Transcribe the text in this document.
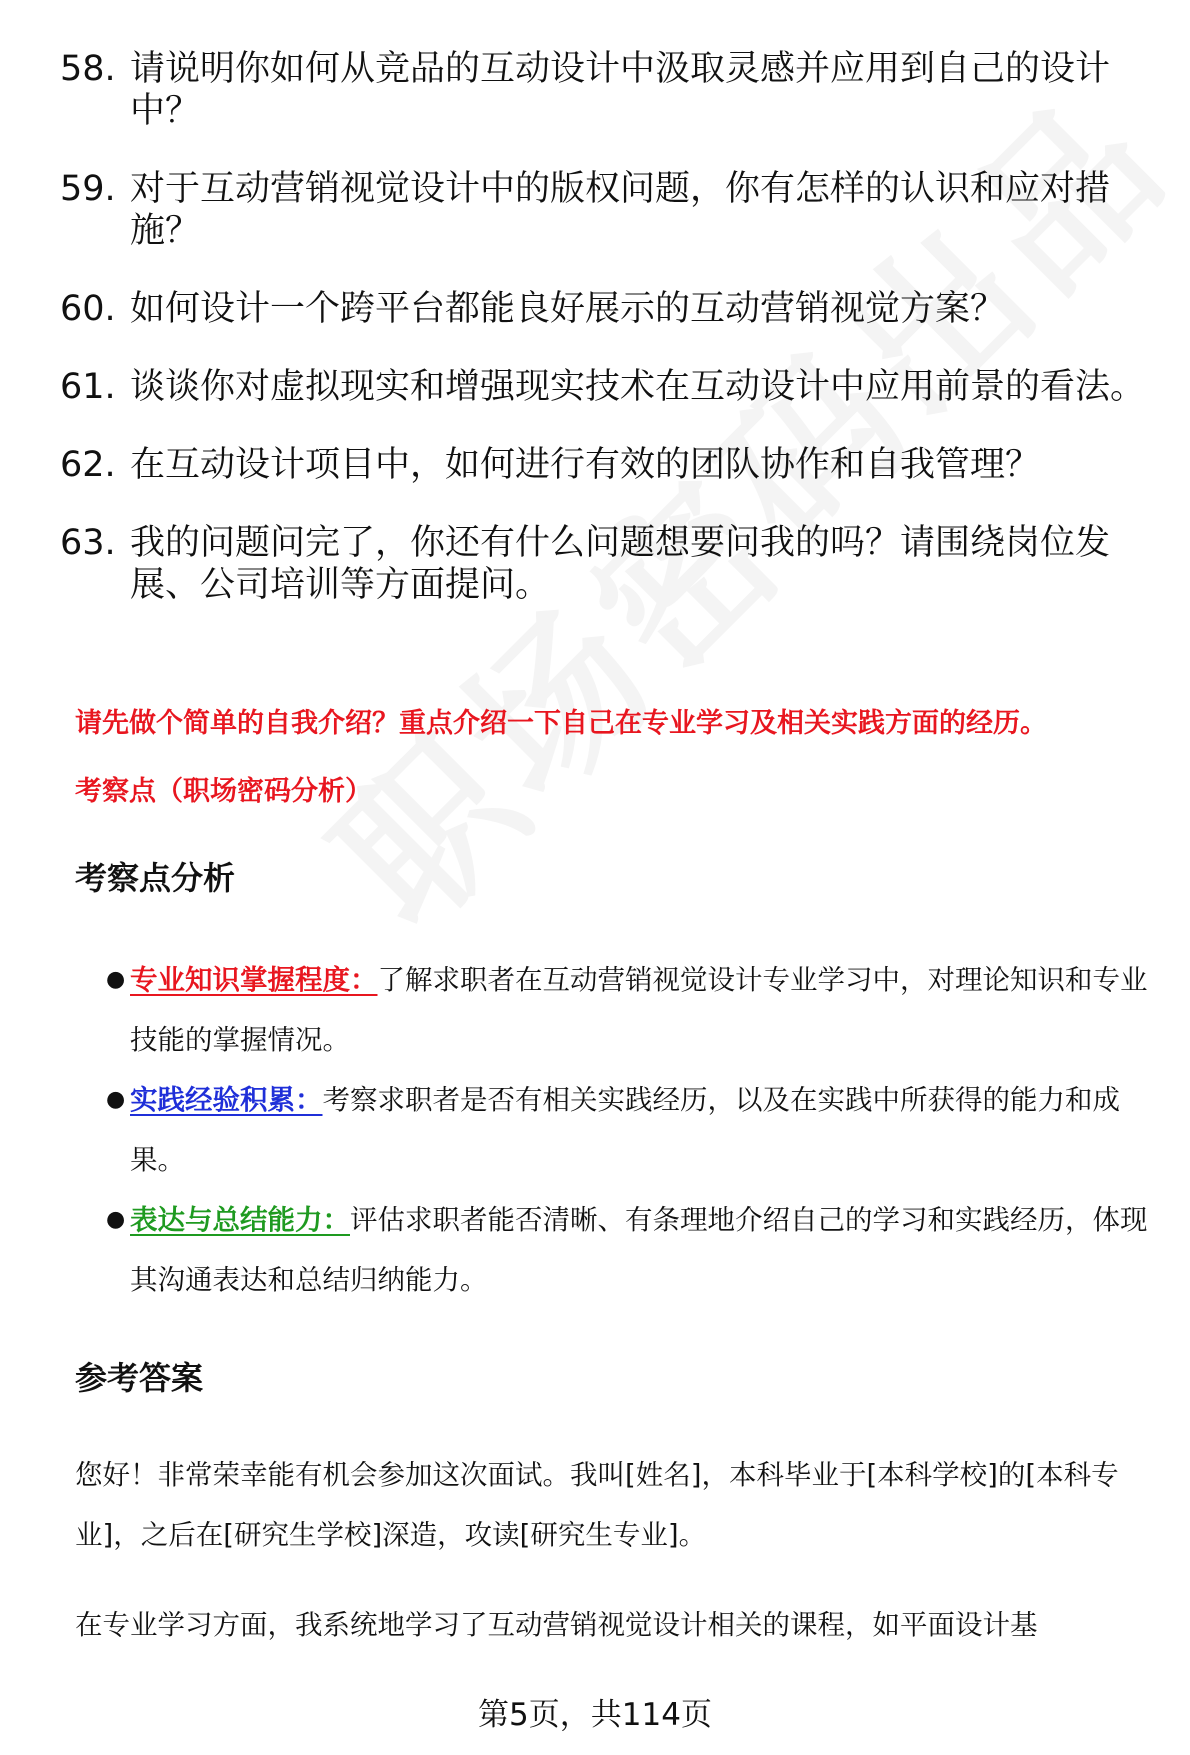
58. 请说明你如何从竞品的互动设计中汲取灵感并应用到自己的设计中？
59. 对于互动营销视觉设计中的版权问题，你有怎样的认识和应对措施？
60. 如何设计一个跨平台都能良好展示的互动营销视觉方案？
61. 谈谈你对虚拟现实和增强现实技术在互动设计中应用前景的看法。
62. 在互动设计项目中，如何进行有效的团队协作和自我管理？
63. 我的问题问完了，你还有什么问题想要问我的吗？请围绕岗位发展、公司培训等方面提问。
请先做个简单的自我介绍？重点介绍一下自己在专业学习及相关实践方面的经历。
考察点（职场密码分析）
考察点分析
● 专业知识掌握程度：了解求职者在互动营销视觉设计专业学习中，对理论知识和专业技能的掌握情况。
● 实践经验积累：考察求职者是否有相关实践经历，以及在实践中所获得的能力和成果。
● 表达与总结能力：评估求职者能否清晰、有条理地介绍自己的学习和实践经历，体现其沟通表达和总结归纳能力。
参考答案
您好！非常荣幸能有机会参加这次面试。我叫[姓名]，本科毕业于[本科学校]的[本科专业]，之后在[研究生学校]深造，攻读[研究生专业]。
在专业学习方面，我系统地学习了互动营销视觉设计相关的课程，如平面设计基
第5页，共114页
